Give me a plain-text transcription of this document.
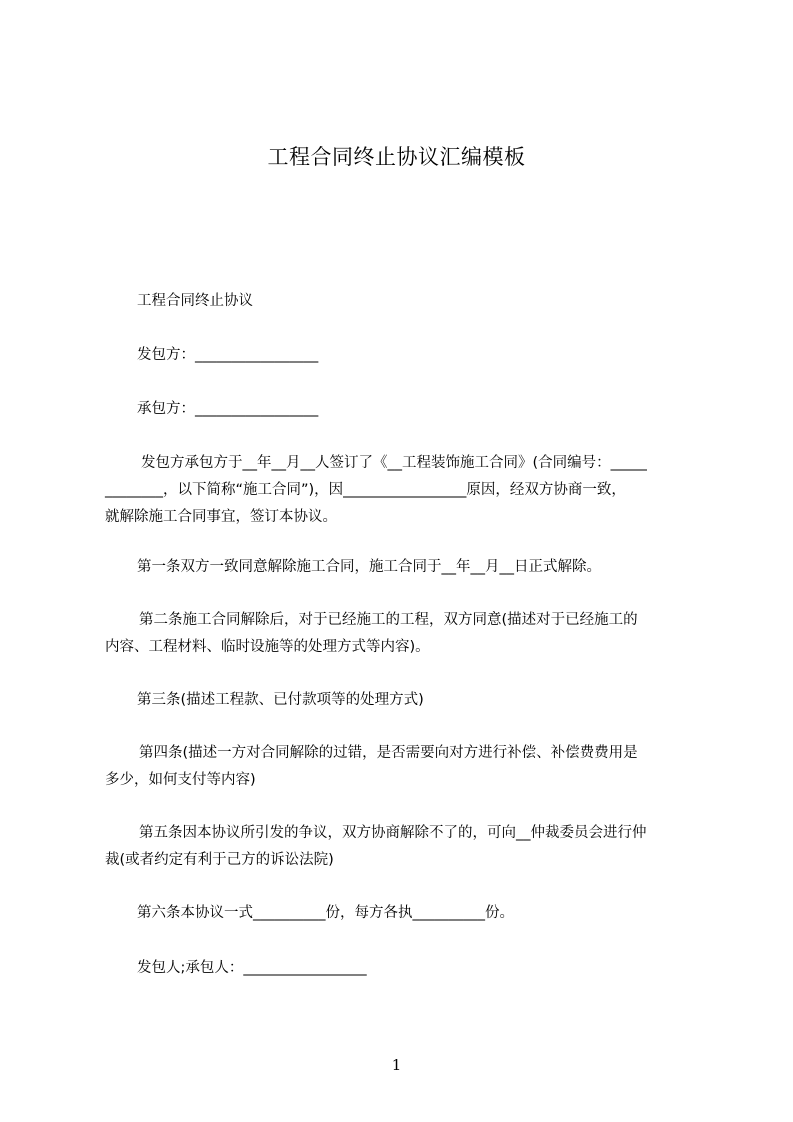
工程合同终止协议汇编模板

工程合同终止协议

发包方：_________________

承包方：_________________

发包方承包方于__年__月__人签订了《__工程装饰施工合同》(合同编号：_____
________，以下简称“施工合同”)，因_________________原因，经双方协商一致，
就解除施工合同事宜，签订本协议。

第一条双方一致同意解除施工合同，施工合同于__年__月__日正式解除。

第二条施工合同解除后，对于已经施工的工程，双方同意(描述对于已经施工的
内容、工程材料、临时设施等的处理方式等内容)。

第三条(描述工程款、已付款项等的处理方式)

第四条(描述一方对合同解除的过错，是否需要向对方进行补偿、补偿费费用是
多少，如何支付等内容)
第五条因本协议所引发的争议，双方协商解除不了的，可向__仲裁委员会进行仲
裁(或者约定有利于己方的诉讼法院)

第六条本协议一式__________份，每方各执__________份。

发包人;承包人：_________________

1
